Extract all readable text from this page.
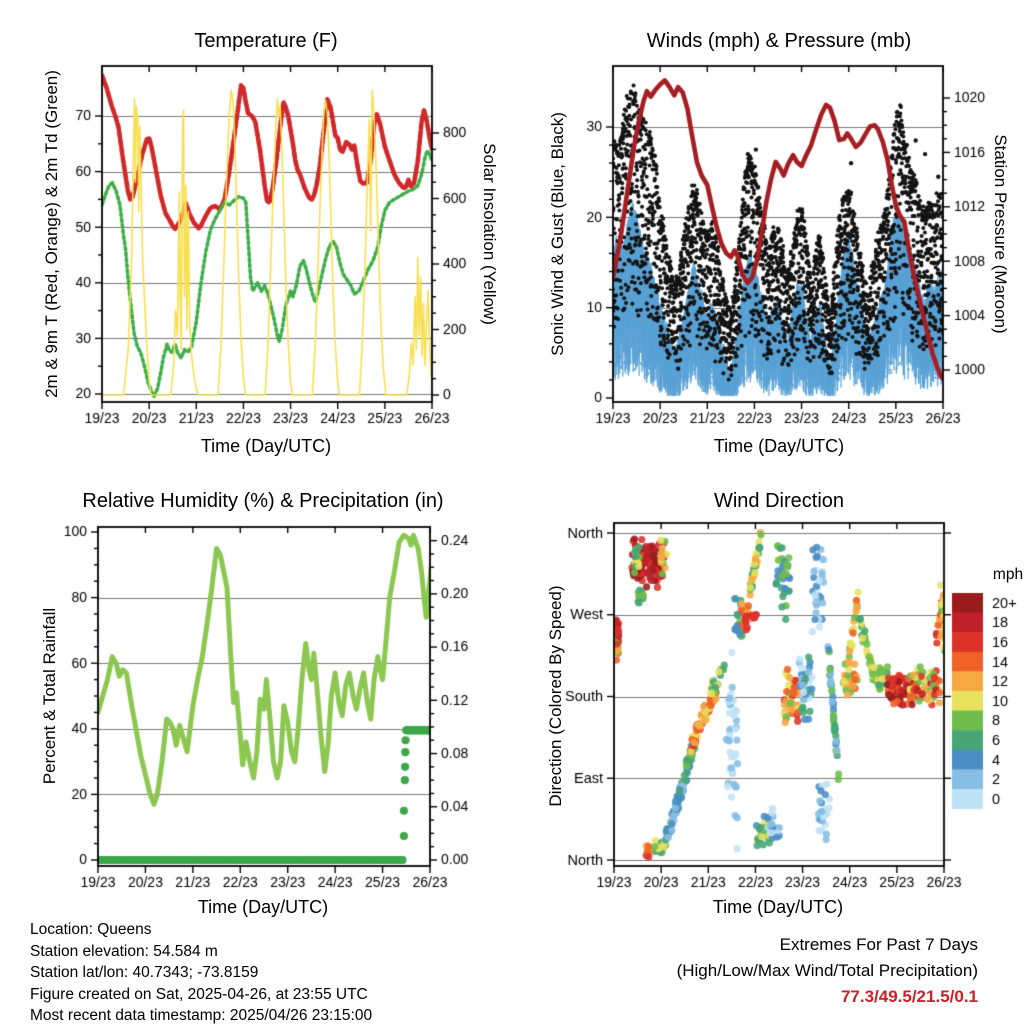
Temperature (F)	Winds (mph) & Pressure (mb)
Relative Humidity (%) & Precipitation (in)	Wind Direction
2m & 9m T (Red, Orange) & 2m Td (Green)	Solar Insolation (Yellow)	Sonic Wind & Gust (Blue, Black)	Station Pressure (Maroon)
Percent & Total Rainfall	Direction (Colored By Speed)
Time (Day/UTC)	Time (Day/UTC)
Time (Day/UTC)	Time (Day/UTC)
mph
Location: Queens
Station elevation: 54.584 m
Station lat/lon: 40.7343; -73.8159
Figure created on Sat, 2025-04-26, at 23:55 UTC
Most recent data timestamp: 2025/04/26 23:15:00
Extremes For Past 7 Days
(High/Low/Max Wind/Total Precipitation)
77.3/49.5/21.5/0.1
